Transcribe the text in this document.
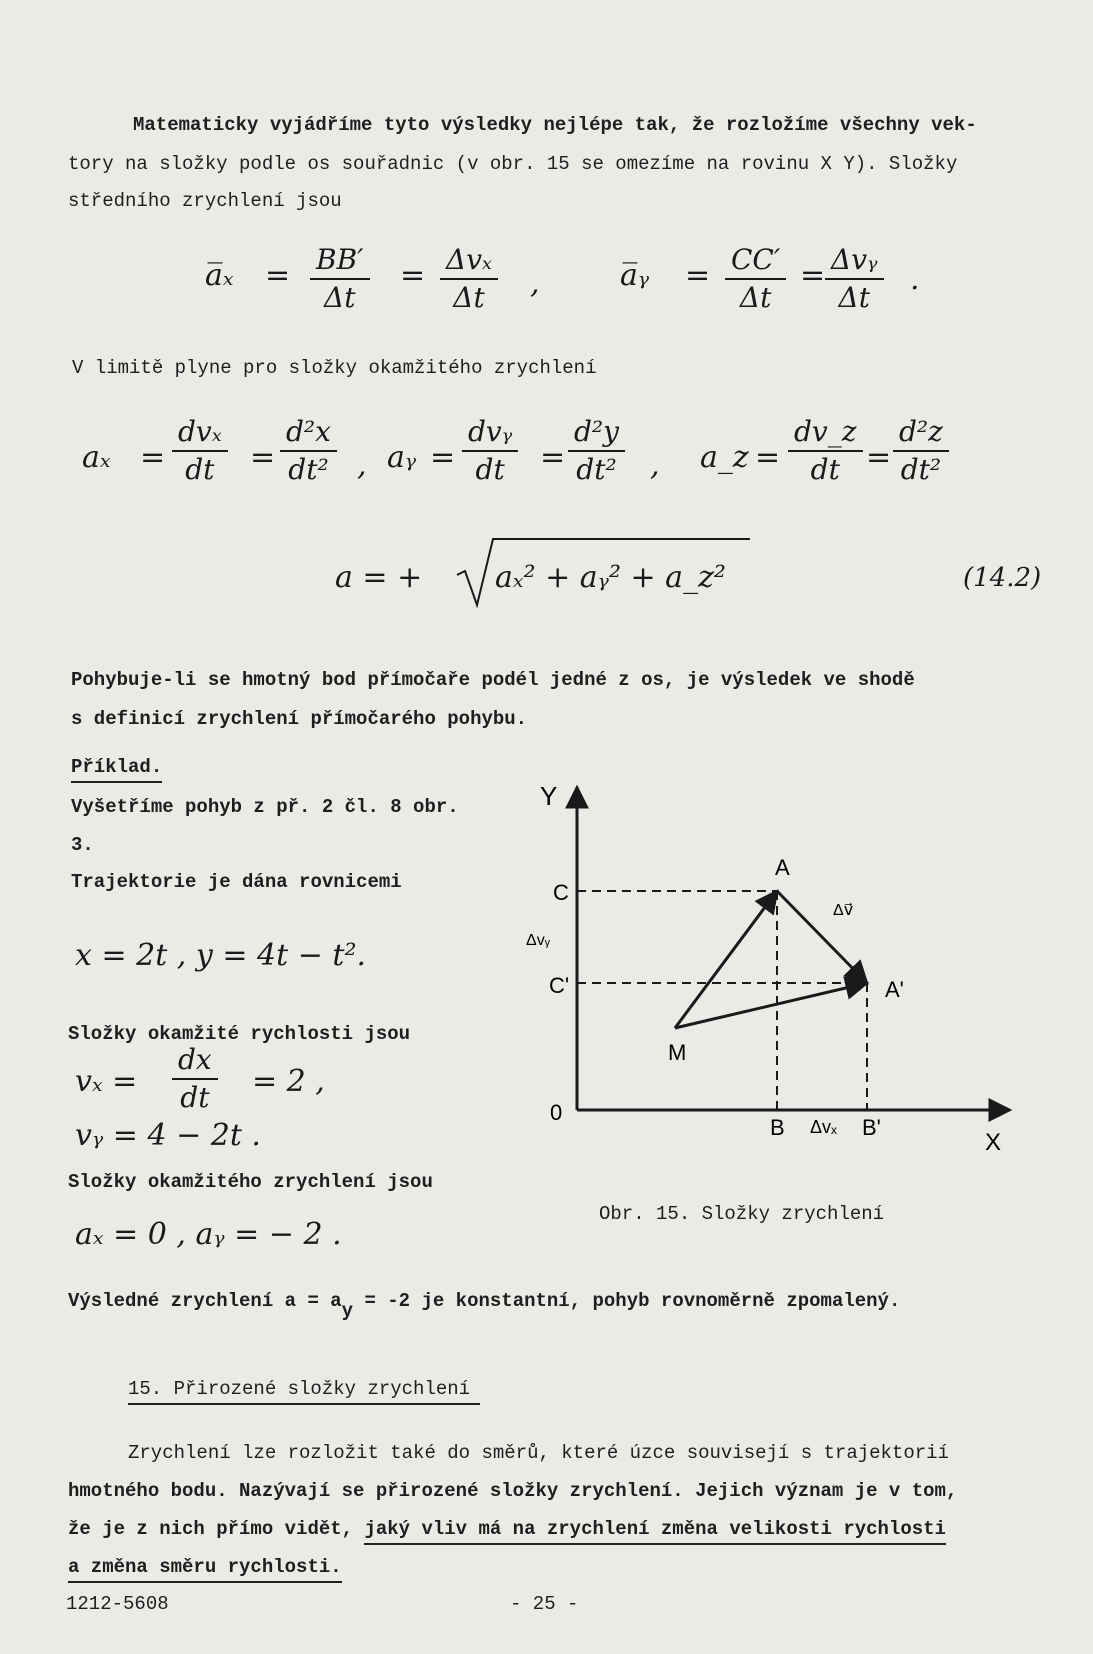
Matematicky vyjádříme tyto výsledky nejlépe tak, že rozložíme všechny vek-
tory na složky podle os souřadnic (v obr. 15 se omezíme na rovinu X Y). Složky
středního zrychlení jsou
a̅ₓ = $\frac{BB'}{\Delta t} = \Delta v_x$
Δt ,	a̅ᵧ = $\frac{CC'}{\Delta t}$ = Δvᵧ
Δt
.
V limitě plyne pro složky okamžitého zrychlení
aₓ =
dvₓ
dt = $\frac{\text{d²x}}{\text{dt²}}$ , aᵧ =
dvᵧ
dt = $\frac{\text{d²y}}{\text{dt²}}$ , a_z = $\frac{dv\_z}{dt} = \frac{\text{d²z}}{\text{dt²}}$
a = + aₓ² + aᵧ² + a_z²	(14.2)
Pohybuje-li se hmotný bod přímočaře podél jedné z os, je výsledek ve shodě
s definicí zrychlení přímočarého pohybu.
Příklad.
Vyšetříme pohyb z př. 2 čl. 8 obr.
3.
Trajektorie je dána rovnicemi
x = 2t , y = 4t − t².
Složky okamžité rychlosti jsou
$v_x = \frac{dx}{dt} = 2$ ,
vᵧ = 4 − 2t .
Složky okamžitého zrychlení jsou
aₓ = 0 , aᵧ = − 2 .
Výsledné zrychlení a = ay = -2 je konstantní, pohyb rovnoměrně zpomalený.
Y
X
0
C
C'
Δvᵧ
A
A'
M
B Δvₓ B'
Δv⃗
Obr. 15. Složky zrychlení
15. Přirozené složky zrychlení
Zrychlení lze rozložit také do směrů, které úzce souvisejí s trajektorií
hmotného bodu. Nazývají se přirozené složky zrychlení. Jejich význam je v tom,
že je z nich přímo vidět, jaký vliv má na zrychlení změna velikosti rychlosti
a změna směru rychlosti.
1212-5608	- 25 -
